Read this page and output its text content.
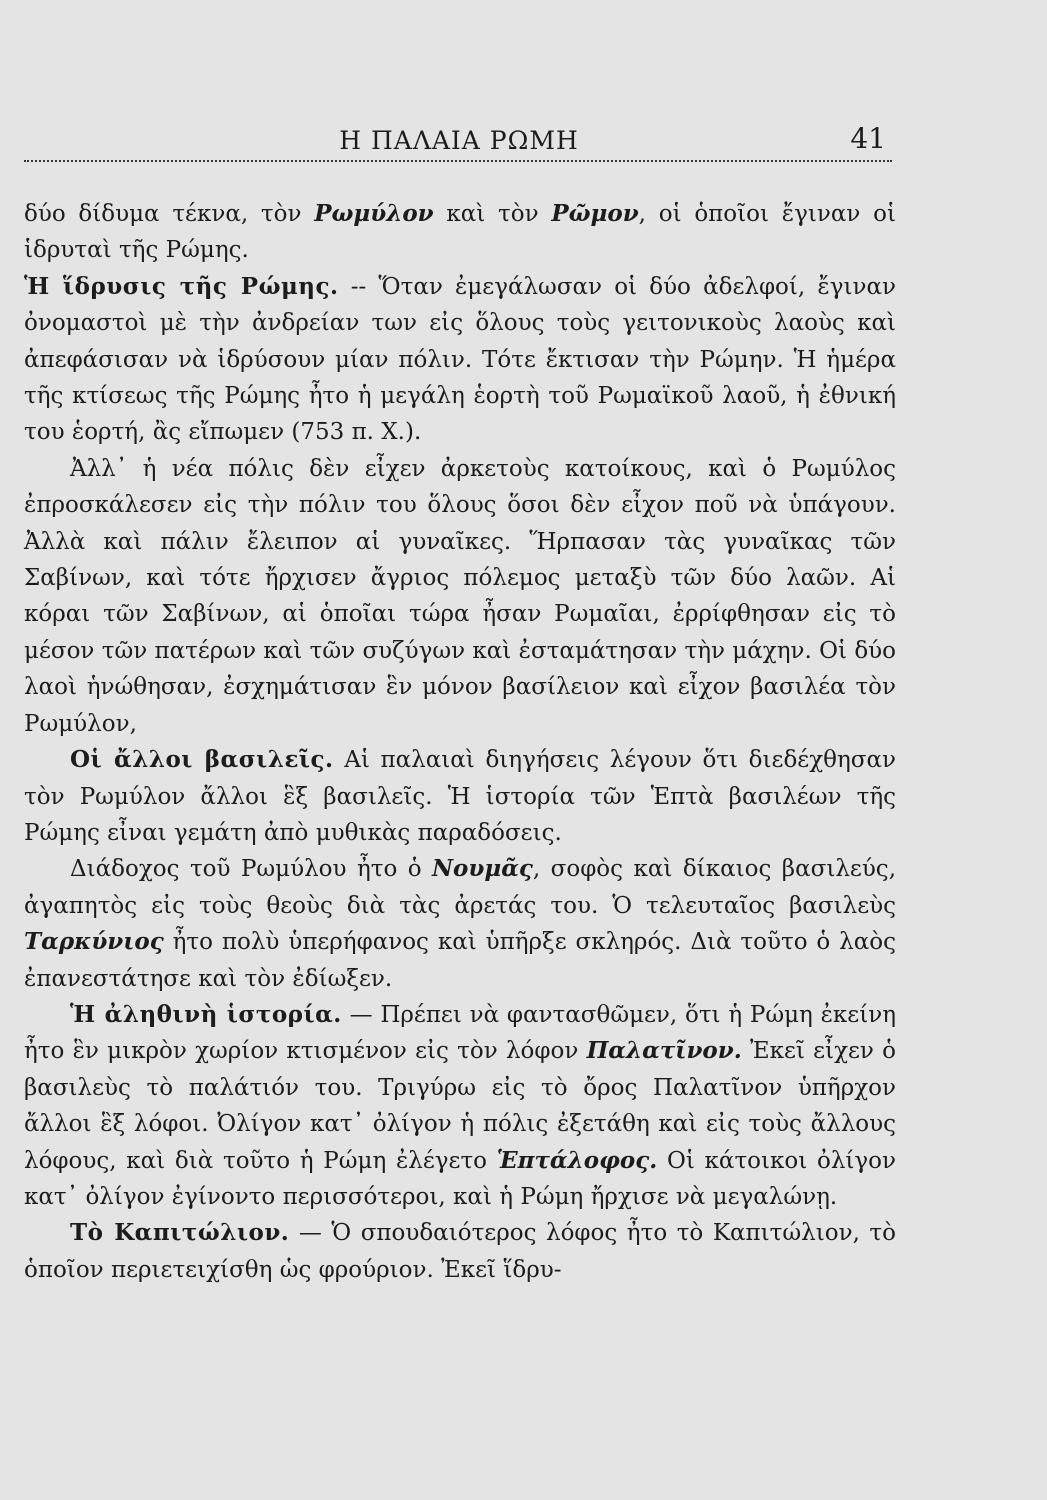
Η ΠΑΛΑΙΑ ΡΩΜΗ	41

δύο δίδυμα τέκνα, τὸν Ρωμύλον καὶ τὸν Ρῶμον, οἱ ὁποῖοι ἔγιναν οἱ ἱδρυταὶ τῆς Ρώμης.

Ἡ ἵδρυσις τῆς Ρώμης. -- Ὅταν ἐμεγάλωσαν οἱ δύο ἀδελφοί, ἔγιναν ὀνομαστοὶ μὲ τὴν ἀνδρείαν των εἰς ὅλους τοὺς γειτονικοὺς λαοὺς καὶ ἀπεφάσισαν νὰ ἱδρύσουν μίαν πόλιν. Τότε ἔκτισαν τὴν Ρώμην. Ἡ ἡμέρα τῆς κτίσεως τῆς Ρώμης ἦτο ἡ μεγάλη ἑορτὴ τοῦ Ρωμαϊκοῦ λαοῦ, ἡ ἐθνική του ἑορτή, ἂς εἴπωμεν (753 π. Χ.).

Ἀλλ᾿ ἡ νέα πόλις δὲν εἶχεν ἀρκετοὺς κατοίκους, καὶ ὁ Ρωμύλος ἐπροσκάλεσεν εἰς τὴν πόλιν του ὅλους ὅσοι δὲν εἶχον ποῦ νὰ ὑπάγουν. Ἀλλὰ καὶ πάλιν ἔλειπον αἱ γυναῖκες. Ἥρπασαν τὰς γυναῖκας τῶν Σαβίνων, καὶ τότε ἤρχισεν ἄγριος πόλεμος μεταξὺ τῶν δύο λαῶν. Αἱ κόραι τῶν Σαβίνων, αἱ ὁποῖαι τώρα ἦσαν Ρωμαῖαι, ἐρρίφθησαν εἰς τὸ μέσον τῶν πατέρων καὶ τῶν συζύγων καὶ ἐσταμάτησαν τὴν μάχην. Οἱ δύο λαοὶ ἡνώθησαν, ἐσχημάτισαν ἓν μόνον βασίλειον καὶ εἶχον βασιλέα τὸν Ρωμύλον,

Οἱ ἄλλοι βασιλεῖς. Αἱ παλαιαὶ διηγήσεις λέγουν ὅτι διεδέχθησαν τὸν Ρωμύλον ἄλλοι ἓξ βασιλεῖς. Ἡ ἱστορία τῶν Ἑπτὰ βασιλέων τῆς Ρώμης εἶναι γεμάτη ἀπὸ μυθικὰς παραδόσεις.

Διάδοχος τοῦ Ρωμύλου ἦτο ὁ Νουμᾶς, σοφὸς καὶ δίκαιος βασιλεύς, ἀγαπητὸς εἰς τοὺς θεοὺς διὰ τὰς ἀρετάς του. Ὁ τελευταῖος βασιλεὺς Ταρκύνιος ἦτο πολὺ ὑπερήφανος καὶ ὑπῆρξε σκληρός. Διὰ τοῦτο ὁ λαὸς ἐπανεστάτησε καὶ τὸν ἐδίωξεν.

Ἡ ἀληθινὴ ἱστορία. — Πρέπει νὰ φαντασθῶμεν, ὅτι ἡ Ρώμη ἐκείνη ἦτο ἓν μικρὸν χωρίον κτισμένον εἰς τὸν λόφον Παλατῖνον. Ἐκεῖ εἶχεν ὁ βασιλεὺς τὸ παλάτιόν του. Τριγύρω εἰς τὸ ὄρος Παλατῖνον ὑπῆρχον ἄλλοι ἓξ λόφοι. Ὀλίγον κατ᾿ ὀλίγον ἡ πόλις ἐξετάθη καὶ εἰς τοὺς ἄλλους λόφους, καὶ διὰ τοῦτο ἡ Ρώμη ἐλέγετο Ἑπτάλοφος. Οἱ κάτοικοι ὀλίγον κατ᾿ ὀλίγον ἐγίνοντο περισσότεροι, καὶ ἡ Ρώμη ἤρχισε νὰ μεγαλώνῃ.

Τὸ Καπιτώλιον. — Ὁ σπουδαιότερος λόφος ἦτο τὸ Καπιτώλιον, τὸ ὁποῖον περιετειχίσθη ὡς φρούριον. Ἐκεῖ ἵδρυ-
